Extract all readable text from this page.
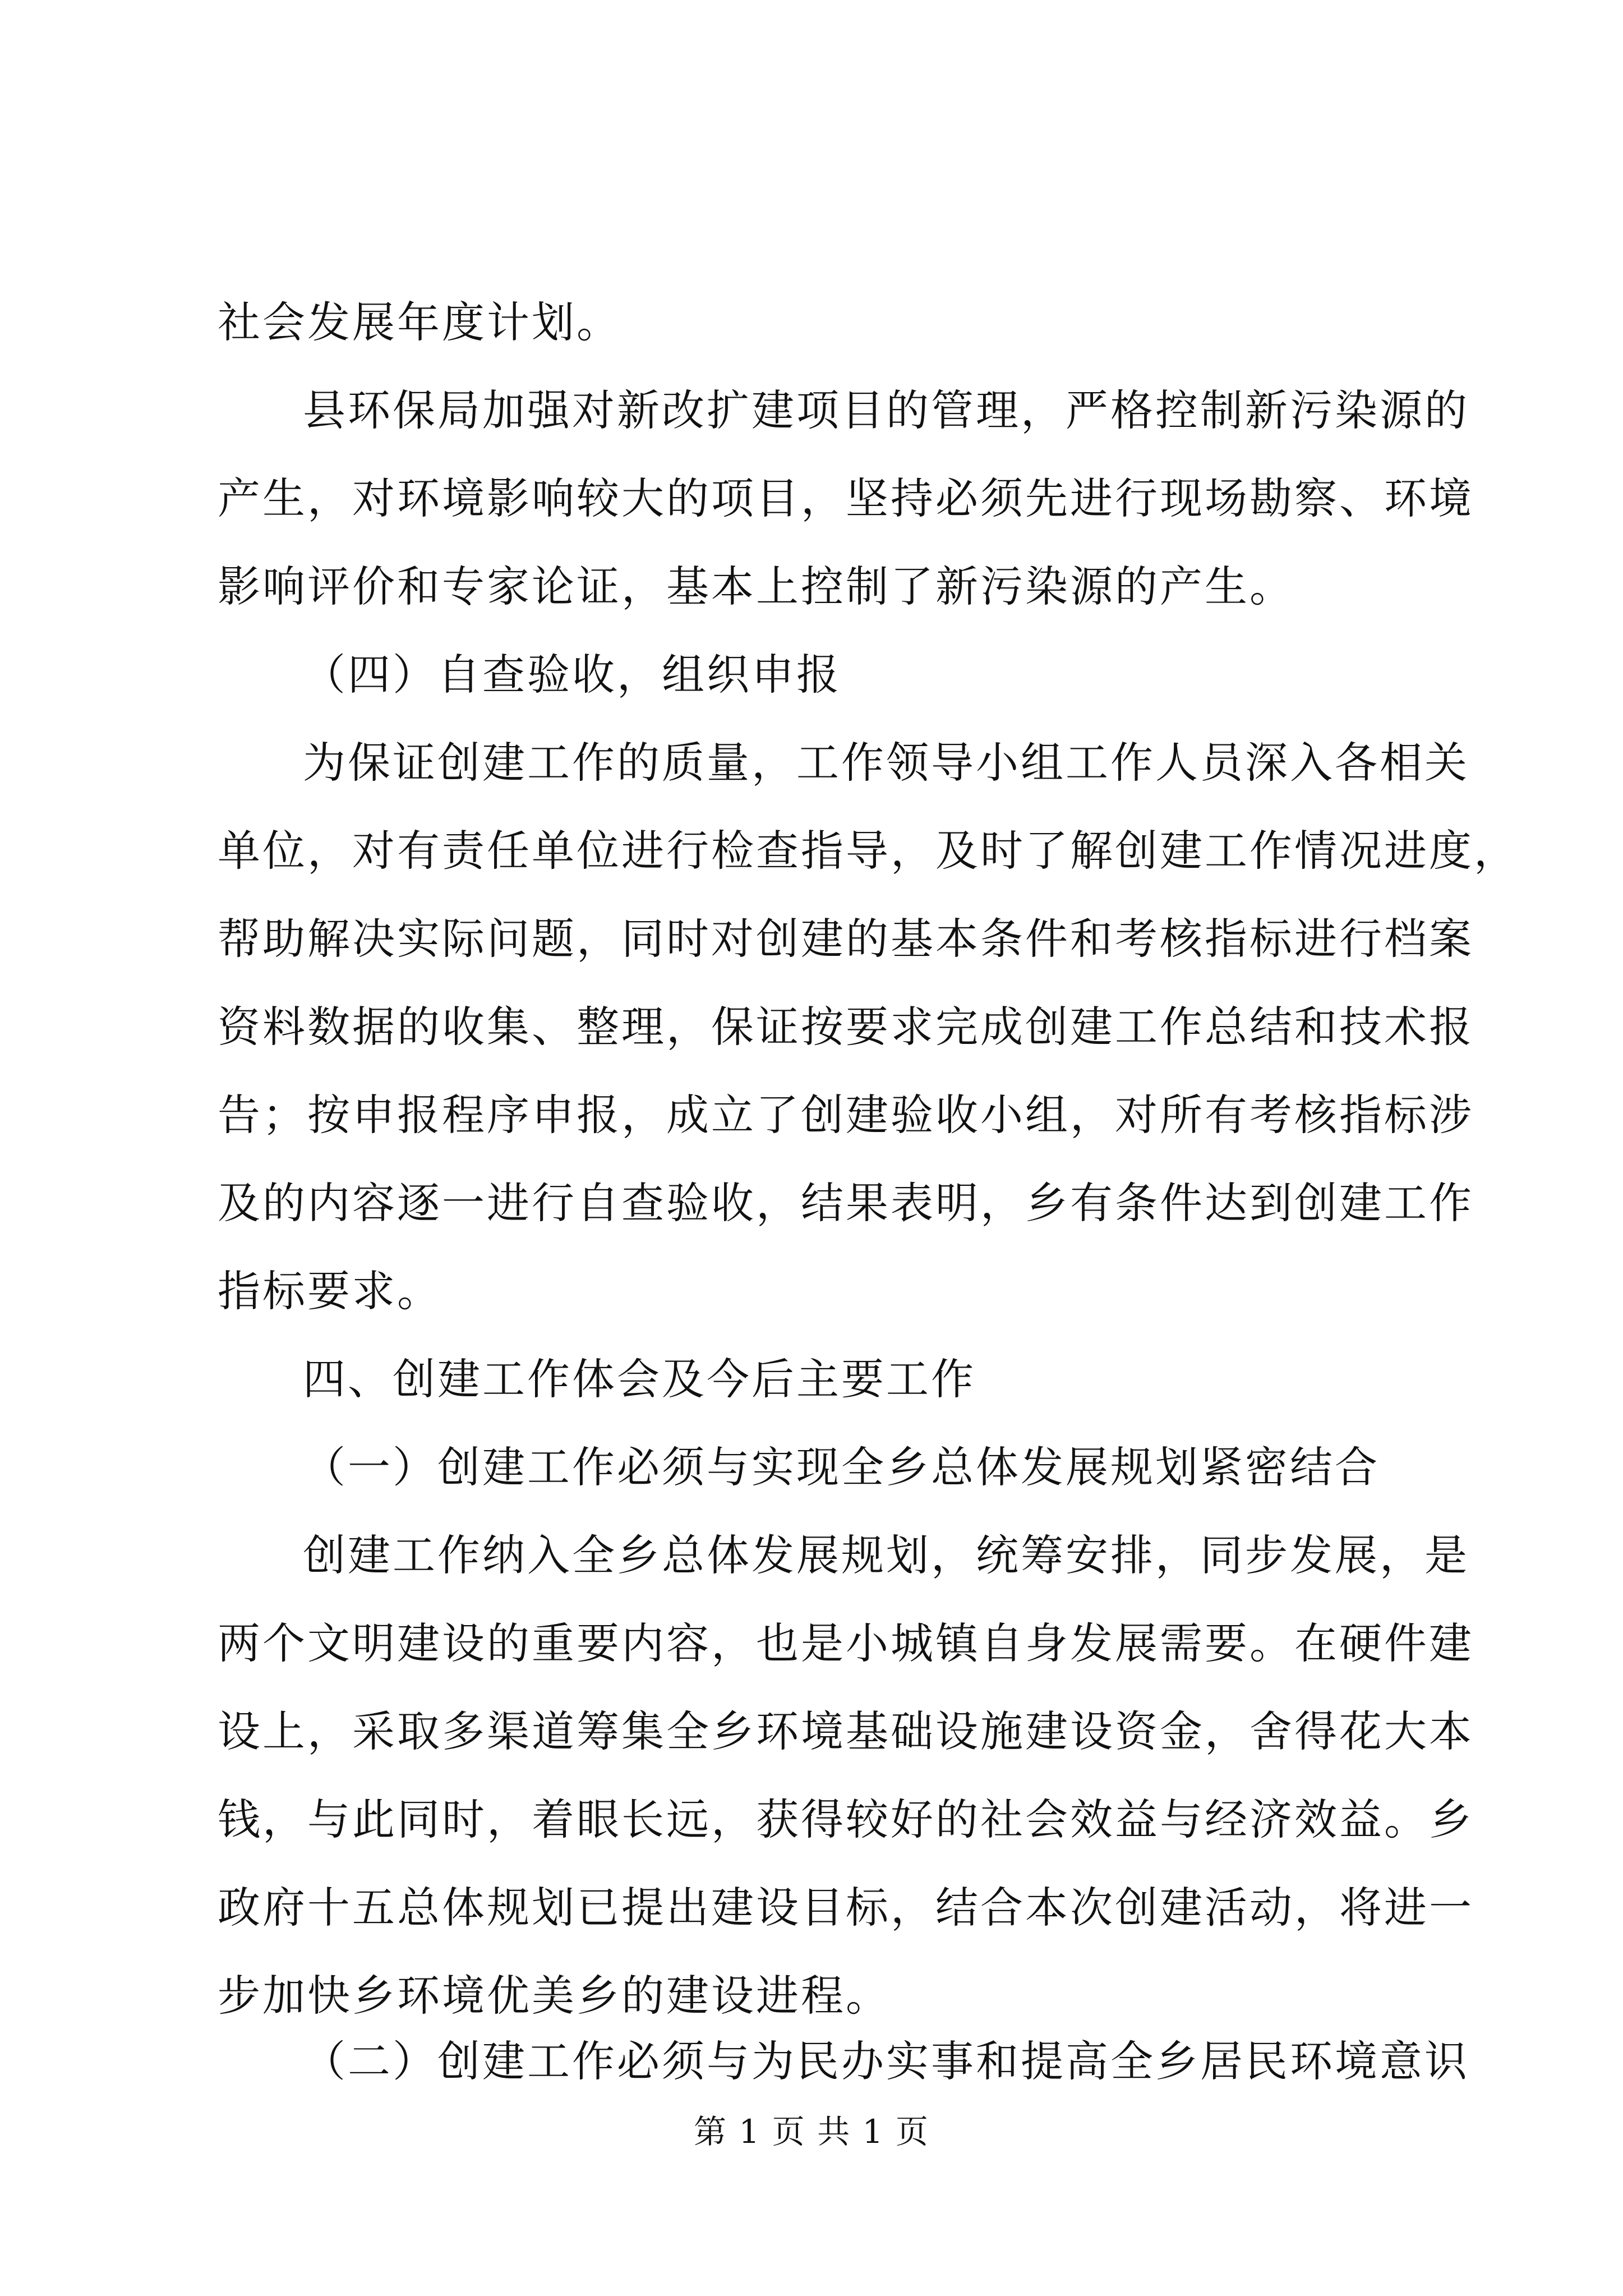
社会发展年度计划。
县环保局加强对新改扩建项目的管理，严格控制新污染源的
产生，对环境影响较大的项目，坚持必须先进行现场勘察、环境
影响评价和专家论证，基本上控制了新污染源的产生。
（四）自查验收，组织申报
为保证创建工作的质量，工作领导小组工作人员深入各相关
单位，对有责任单位进行检查指导，及时了解创建工作情况进度，
帮助解决实际问题，同时对创建的基本条件和考核指标进行档案
资料数据的收集、整理，保证按要求完成创建工作总结和技术报
告；按申报程序申报，成立了创建验收小组，对所有考核指标涉
及的内容逐一进行自查验收，结果表明，乡有条件达到创建工作
指标要求。
四、创建工作体会及今后主要工作
（一）创建工作必须与实现全乡总体发展规划紧密结合
创建工作纳入全乡总体发展规划，统筹安排，同步发展，是
两个文明建设的重要内容，也是小城镇自身发展需要。在硬件建
设上，采取多渠道筹集全乡环境基础设施建设资金，舍得花大本
钱，与此同时，着眼长远，获得较好的社会效益与经济效益。乡
政府十五总体规划已提出建设目标，结合本次创建活动，将进一
步加快乡环境优美乡的建设进程。
（二）创建工作必须与为民办实事和提高全乡居民环境意识
第 1 页 共 1 页
